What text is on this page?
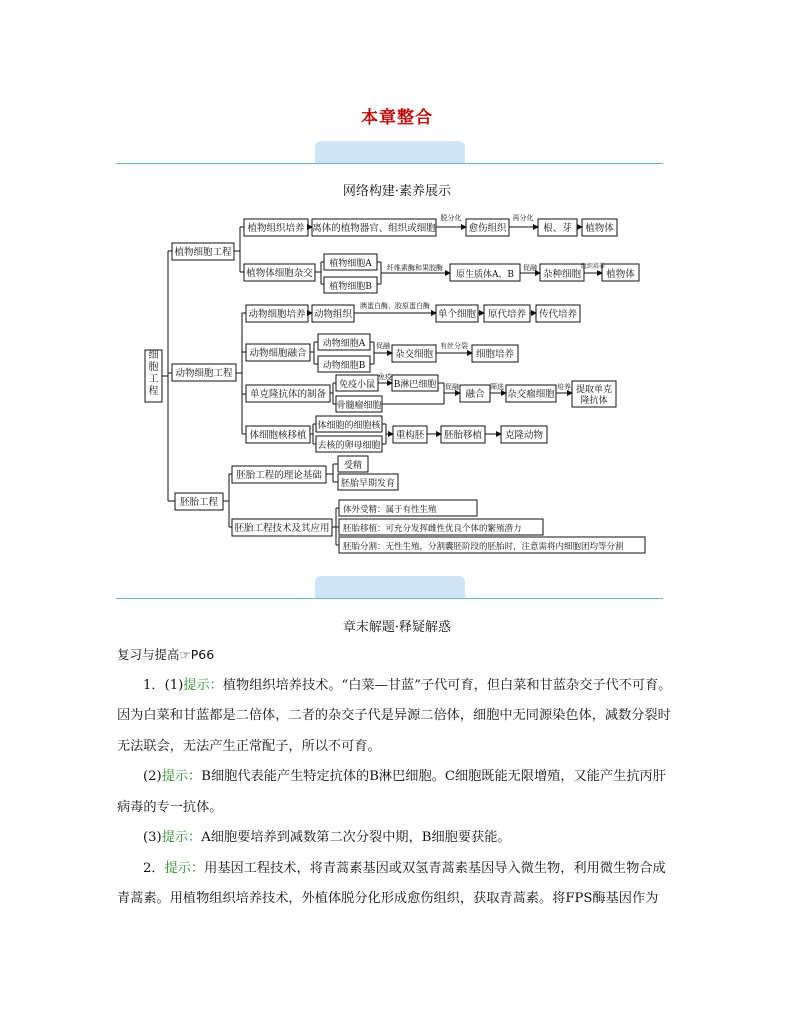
本章整合
网络构建·素养展示
细
胞
工
程
植物细胞工程
动物细胞工程
胚胎工程
植物组织培养 离体的植物器官、组织或细胞
脱分化
愈伤组织
再分化
根、芽 植物体
植物体细胞杂交
植物细胞A
植物细胞B
纤维素酶和果胶酶
原生质体A、B
促融
杂种细胞
组织培养
植物体
动物细胞培养 动物组织
胰蛋白酶、胶原蛋白酶
单个细胞 原代培养 传代培养
动物细胞融合
动物细胞A
动物细胞B
促融
杂交细胞
有丝分裂
细胞培养
单克隆抗体的制备
免疫小鼠
免疫
B淋巴细胞
骨髓瘤细胞
促融
融合
筛选
杂交瘤细胞
培养 提取单克
隆抗体
体细胞核移植
体细胞的细胞核
去核的卵母细胞
重构胚 胚胎移植 克隆动物
胚胎工程的理论基础
受精
胚胎早期发育
胚胎工程技术及其应用
体外受精：属于有性生殖
胚胎移植：可充分发挥雌性优良个体的繁殖潜力
胚胎分割：无性生殖，分割囊胚阶段的胚胎时，注意需将内细胞团均等分割
章末解题·释疑解惑

复习与提高☞P66

1．(1)提示：植物组织培养技术。“白菜—甘蓝”子代可育，但白菜和甘蓝杂交子代不可育。因为白菜和甘蓝都是二倍体，二者的杂交子代是异源二倍体，细胞中无同源染色体，减数分裂时无法联会，无法产生正常配子，所以不可育。

(2)提示：B细胞代表能产生特定抗体的B淋巴细胞。C细胞既能无限增殖，又能产生抗丙肝病毒的专一抗体。

(3)提示：A细胞要培养到减数第二次分裂中期，B细胞要获能。

2．提示：用基因工程技术，将青蒿素基因或双氢青蒿素基因导入微生物，利用微生物合成青蒿素。用植物组织培养技术，外植体脱分化形成愈伤组织，获取青蒿素。将FPS酶基因作为
